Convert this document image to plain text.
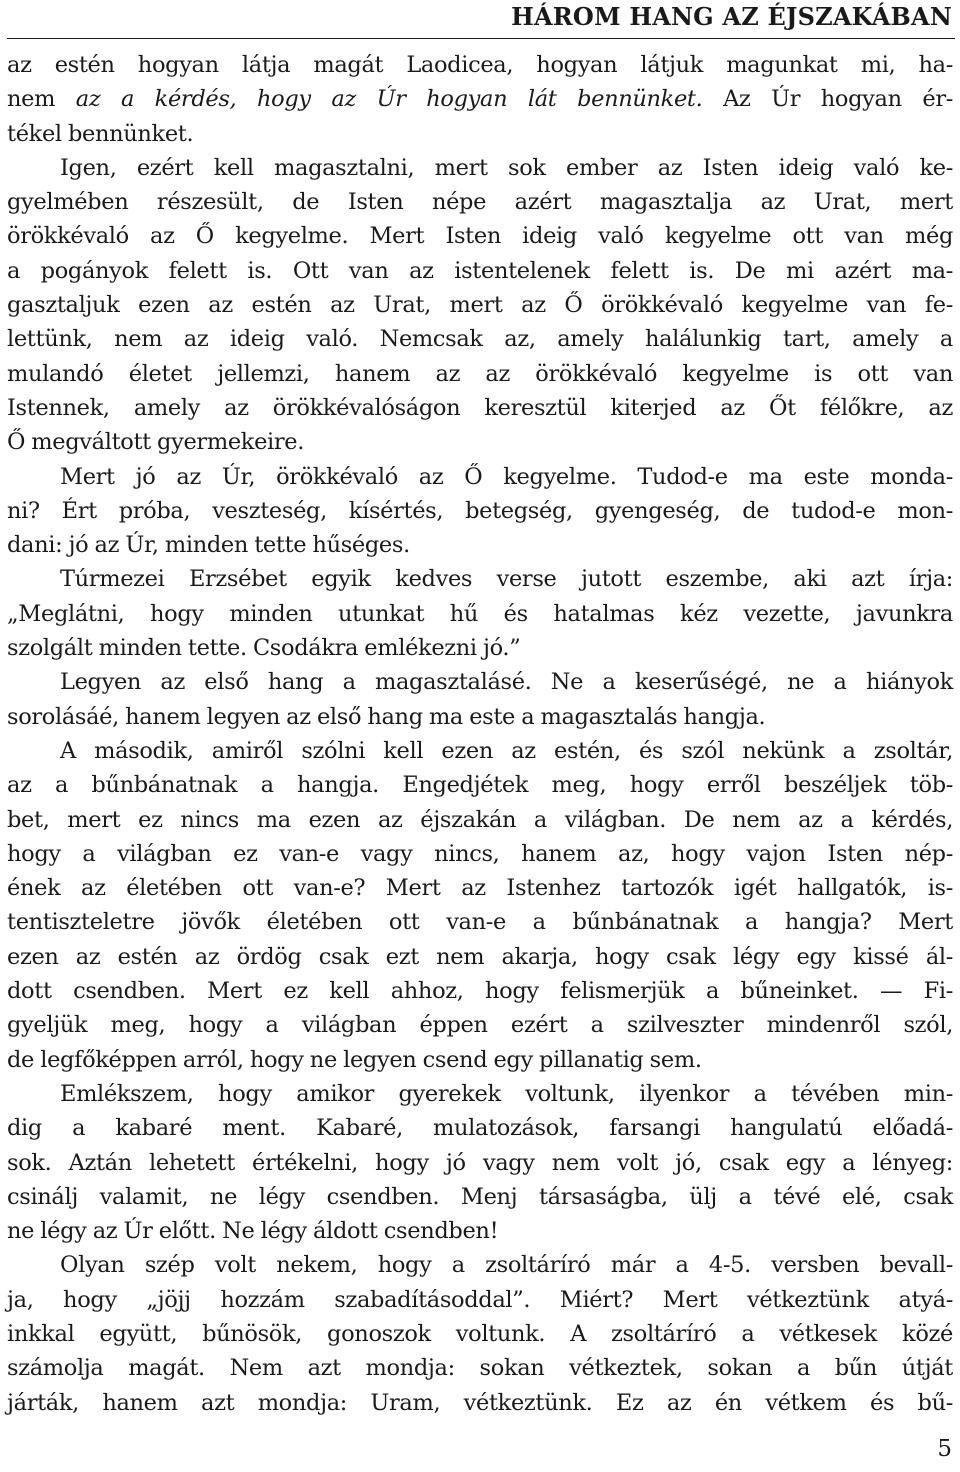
HÁROM HANG AZ ÉJSZAKÁBAN
az estén hogyan látja magát Laodicea, hogyan látjuk magunkat mi, ha-
nem az a kérdés, hogy az Úr hogyan lát bennünket. Az Úr hogyan ér-
tékel bennünket.
Igen, ezért kell magasztalni, mert sok ember az Isten ideig való ke-
gyelmében részesült, de Isten népe azért magasztalja az Urat, mert
örökkévaló az Ő kegyelme. Mert Isten ideig való kegyelme ott van még
a pogányok felett is. Ott van az istentelenek felett is. De mi azért ma-
gasztaljuk ezen az estén az Urat, mert az Ő örökkévaló kegyelme van fe-
lettünk, nem az ideig való. Nemcsak az, amely halálunkig tart, amely a
mulandó életet jellemzi, hanem az az örökkévaló kegyelme is ott van
Istennek, amely az örökkévalóságon keresztül kiterjed az Őt félőkre, az
Ő megváltott gyermekeire.
Mert jó az Úr, örökkévaló az Ő kegyelme. Tudod-e ma este monda-
ni? Ért próba, veszteség, kísértés, betegség, gyengeség, de tudod-e mon-
dani: jó az Úr, minden tette hűséges.
Túrmezei Erzsébet egyik kedves verse jutott eszembe, aki azt írja:
„Meglátni, hogy minden utunkat hű és hatalmas kéz vezette, javunkra
szolgált minden tette. Csodákra emlékezni jó.”
Legyen az első hang a magasztalásé. Ne a keserűségé, ne a hiányok
sorolásáé, hanem legyen az első hang ma este a magasztalás hangja.
A második, amiről szólni kell ezen az estén, és szól nekünk a zsoltár,
az a bűnbánatnak a hangja. Engedjétek meg, hogy erről beszéljek töb-
bet, mert ez nincs ma ezen az éjszakán a világban. De nem az a kérdés,
hogy a világban ez van-e vagy nincs, hanem az, hogy vajon Isten nép-
ének az életében ott van-e? Mert az Istenhez tartozók igét hallgatók, is-
tentiszteletre jövők életében ott van-e a bűnbánatnak a hangja? Mert
ezen az estén az ördög csak ezt nem akarja, hogy csak légy egy kissé ál-
dott csendben. Mert ez kell ahhoz, hogy felismerjük a bűneinket. — Fi-
gyeljük meg, hogy a világban éppen ezért a szilveszter mindenről szól,
de legfőképpen arról, hogy ne legyen csend egy pillanatig sem.
Emlékszem, hogy amikor gyerekek voltunk, ilyenkor a tévében min-
dig a kabaré ment. Kabaré, mulatozások, farsangi hangulatú előadá-
sok. Aztán lehetett értékelni, hogy jó vagy nem volt jó, csak egy a lényeg:
csinálj valamit, ne légy csendben. Menj társaságba, ülj a tévé elé, csak
ne légy az Úr előtt. Ne légy áldott csendben!
Olyan szép volt nekem, hogy a zsoltáríró már a 4-5. versben bevall-
ja, hogy „jöjj hozzám szabadításoddal”. Miért? Mert vétkeztünk atyá-
inkkal együtt, bűnösök, gonoszok voltunk. A zsoltáríró a vétkesek közé
számolja magát. Nem azt mondja: sokan vétkeztek, sokan a bűn útját
járták, hanem azt mondja: Uram, vétkeztünk. Ez az én vétkem és bű-
5
